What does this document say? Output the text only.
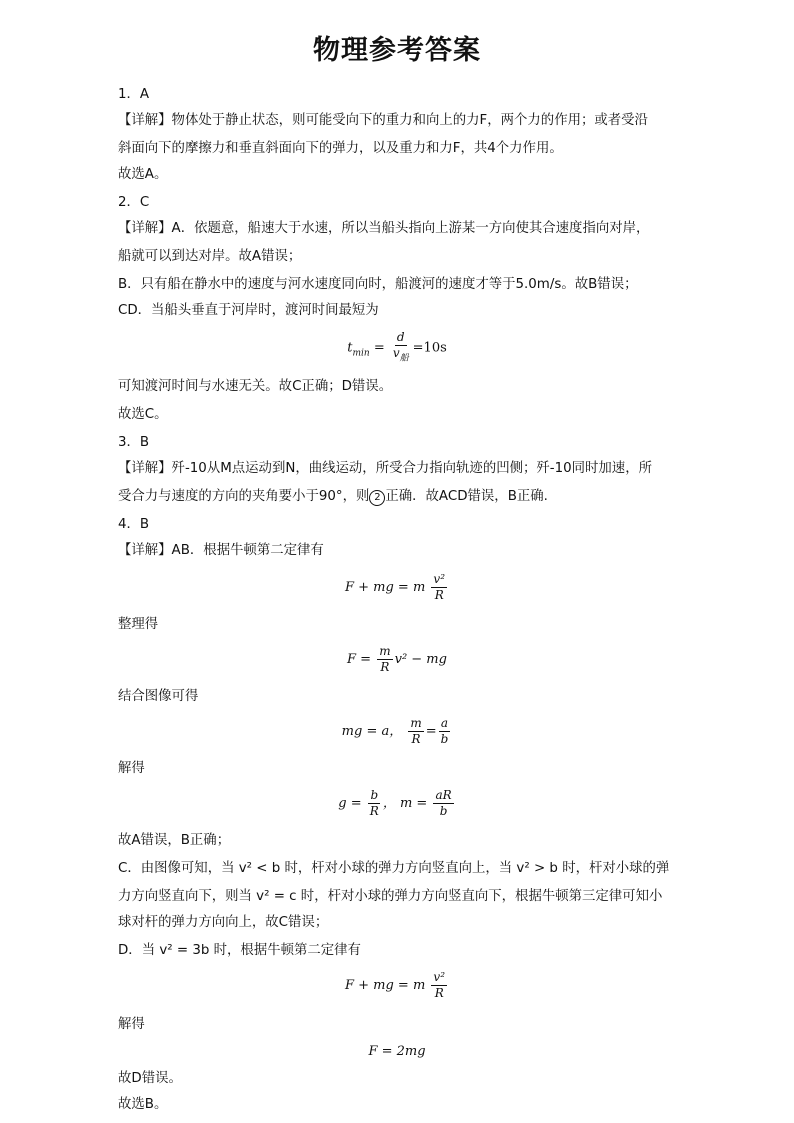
物理参考答案
1．A
【详解】物体处于静止状态，则可能受向下的重力和向上的力F，两个力的作用；或者受沿
斜面向下的摩擦力和垂直斜面向下的弹力，以及重力和力F，共4个力作用。
故选A。
2．C
【详解】A．依题意，船速大于水速，所以当船头指向上游某一方向使其合速度指向对岸，
船就可以到达对岸。故A错误；
B．只有船在静水中的速度与河水速度同向时，船渡河的速度才等于5.0m/s。故B错误；
CD．当船头垂直于河岸时，渡河时间最短为
$t_{min} = \frac{d}{v_船} =10s$
可知渡河时间与水速无关。故C正确；D错误。
故选C。
3．B
【详解】歼-10从M点运动到N，曲线运动，所受合力指向轨迹的凹侧；歼-10同时加速，所
受合力与速度的方向的夹角要小于90°，则 2 正确．故ACD错误，B正确.
4．B
【详解】AB．根据牛顿第二定律有
F + mg = m $\frac{\text{v²}}{R}$
整理得
$F = \frac{m}{R} v^2$ − mg
结合图像可得
mg = a， $\frac{m}{R} = \frac{a}{b}$
解得
$g = \frac{b}{R}$ ， $m = \frac{aR}{b}$
故A错误，B正确；
C．由图像可知，当 v² < b 时，杆对小球的弹力方向竖直向上，当 v² > b 时，杆对小球的弹
力方向竖直向下，则当 v² = c 时，杆对小球的弹力方向竖直向下，根据牛顿第三定律可知小
球对杆的弹力方向向上，故C错误；
D．当 v² = 3b 时，根据牛顿第二定律有
F + mg = m $\frac{\text{v²}}{R}$
解得
F = 2mg
故D错误。
故选B。
